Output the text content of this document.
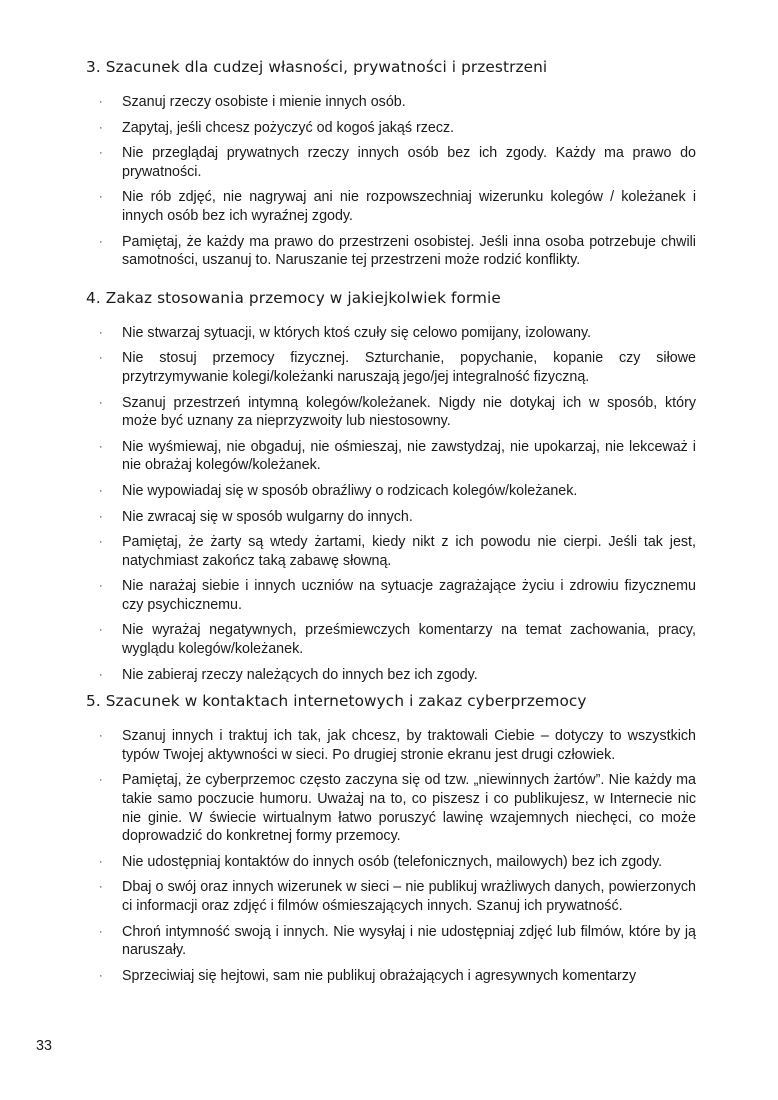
3. Szacunek dla cudzej własności, prywatności i przestrzeni
· Szanuj rzeczy osobiste i mienie innych osób.
· Zapytaj, jeśli chcesz pożyczyć od kogoś jakąś rzecz.
· Nie przeglądaj prywatnych rzeczy innych osób bez ich zgody. Każdy ma prawo do prywatności.
· Nie rób zdjęć, nie nagrywaj ani nie rozpowszechniaj wizerunku kolegów / koleżanek i innych osób bez ich wyraźnej zgody.
· Pamiętaj, że każdy ma prawo do przestrzeni osobistej. Jeśli inna osoba potrzebuje chwili samotności, uszanuj to. Naruszanie tej przestrzeni może rodzić konflikty.
4. Zakaz stosowania przemocy w jakiejkolwiek formie
· Nie stwarzaj sytuacji, w których ktoś czuły się celowo pomijany, izolowany.
· Nie stosuj przemocy fizycznej. Szturchanie, popychanie, kopanie czy siłowe przytrzymywanie kolegi/koleżanki naruszają jego/jej integralność fizyczną.
· Szanuj przestrzeń intymną kolegów/koleżanek. Nigdy nie dotykaj ich w sposób, który może być uznany za nieprzyzwoity lub niestosowny.
· Nie wyśmiewaj, nie obgaduj, nie ośmieszaj, nie zawstydzaj, nie upokarzaj, nie lekceważ i nie obrażaj kolegów/koleżanek.
· Nie wypowiadaj się w sposób obraźliwy o rodzicach kolegów/koleżanek.
· Nie zwracaj się w sposób wulgarny do innych.
· Pamiętaj, że żarty są wtedy żartami, kiedy nikt z ich powodu nie cierpi. Jeśli tak jest, natychmiast zakończ taką zabawę słowną.
· Nie narażaj siebie i innych uczniów na sytuacje zagrażające życiu i zdrowiu fizycznemu czy psychicznemu.
· Nie wyrażaj negatywnych, prześmiewczych komentarzy na temat zachowania, pracy, wyglądu kolegów/koleżanek.
· Nie zabieraj rzeczy należących do innych bez ich zgody.
5. Szacunek w kontaktach internetowych i zakaz cyberprzemocy
· Szanuj innych i traktuj ich tak, jak chcesz, by traktowali Ciebie – dotyczy to wszystkich typów Twojej aktywności w sieci. Po drugiej stronie ekranu jest drugi człowiek.
· Pamiętaj, że cyberprzemoc często zaczyna się od tzw. „niewinnych żartów”. Nie każdy ma takie samo poczucie humoru. Uważaj na to, co piszesz i co publikujesz, w Internecie nic nie ginie. W świecie wirtualnym łatwo poruszyć lawinę wzajemnych niechęci, co może doprowadzić do konkretnej formy przemocy.
· Nie udostępniaj kontaktów do innych osób (telefonicznych, mailowych) bez ich zgody.
· Dbaj o swój oraz innych wizerunek w sieci – nie publikuj wrażliwych danych, powierzonych ci informacji oraz zdjęć i filmów ośmieszających innych. Szanuj ich prywatność.
· Chroń intymność swoją i innych. Nie wysyłaj i nie udostępniaj zdjęć lub filmów, które by ją naruszały.
· Sprzeciwiaj się hejtowi, sam nie publikuj obrażających i agresywnych komentarzy
33
